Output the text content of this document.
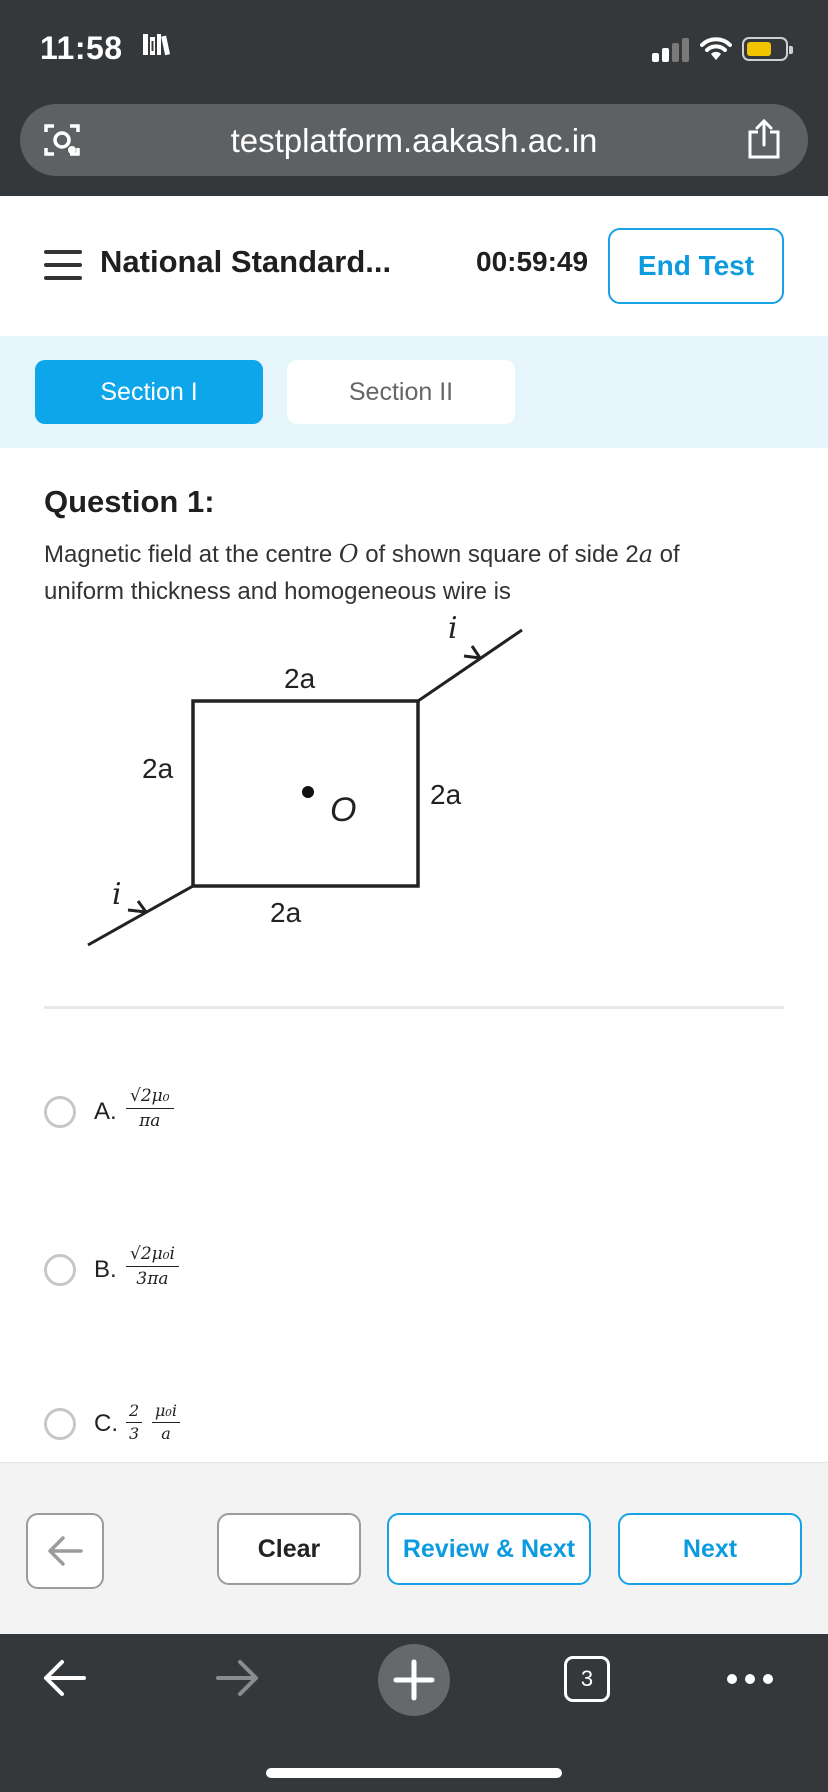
11:58
testplatform.aakash.ac.in
National Standard...	00:59:49	End Test
Section I	Section II
Question 1:
Magnetic field at the centre O of shown square of side 2a of uniform thickness and homogeneous wire is
O
2a
2a
2a
2a
i
i
A. $\frac{\text{√2μ₀}}{\pi a}$
B. $\frac{\text{√2μ₀i}}{3\pi a}$
C. $\frac{2}{3} \frac{\text{μ₀i}}{a}$
Clear	Review & Next	Next
3
